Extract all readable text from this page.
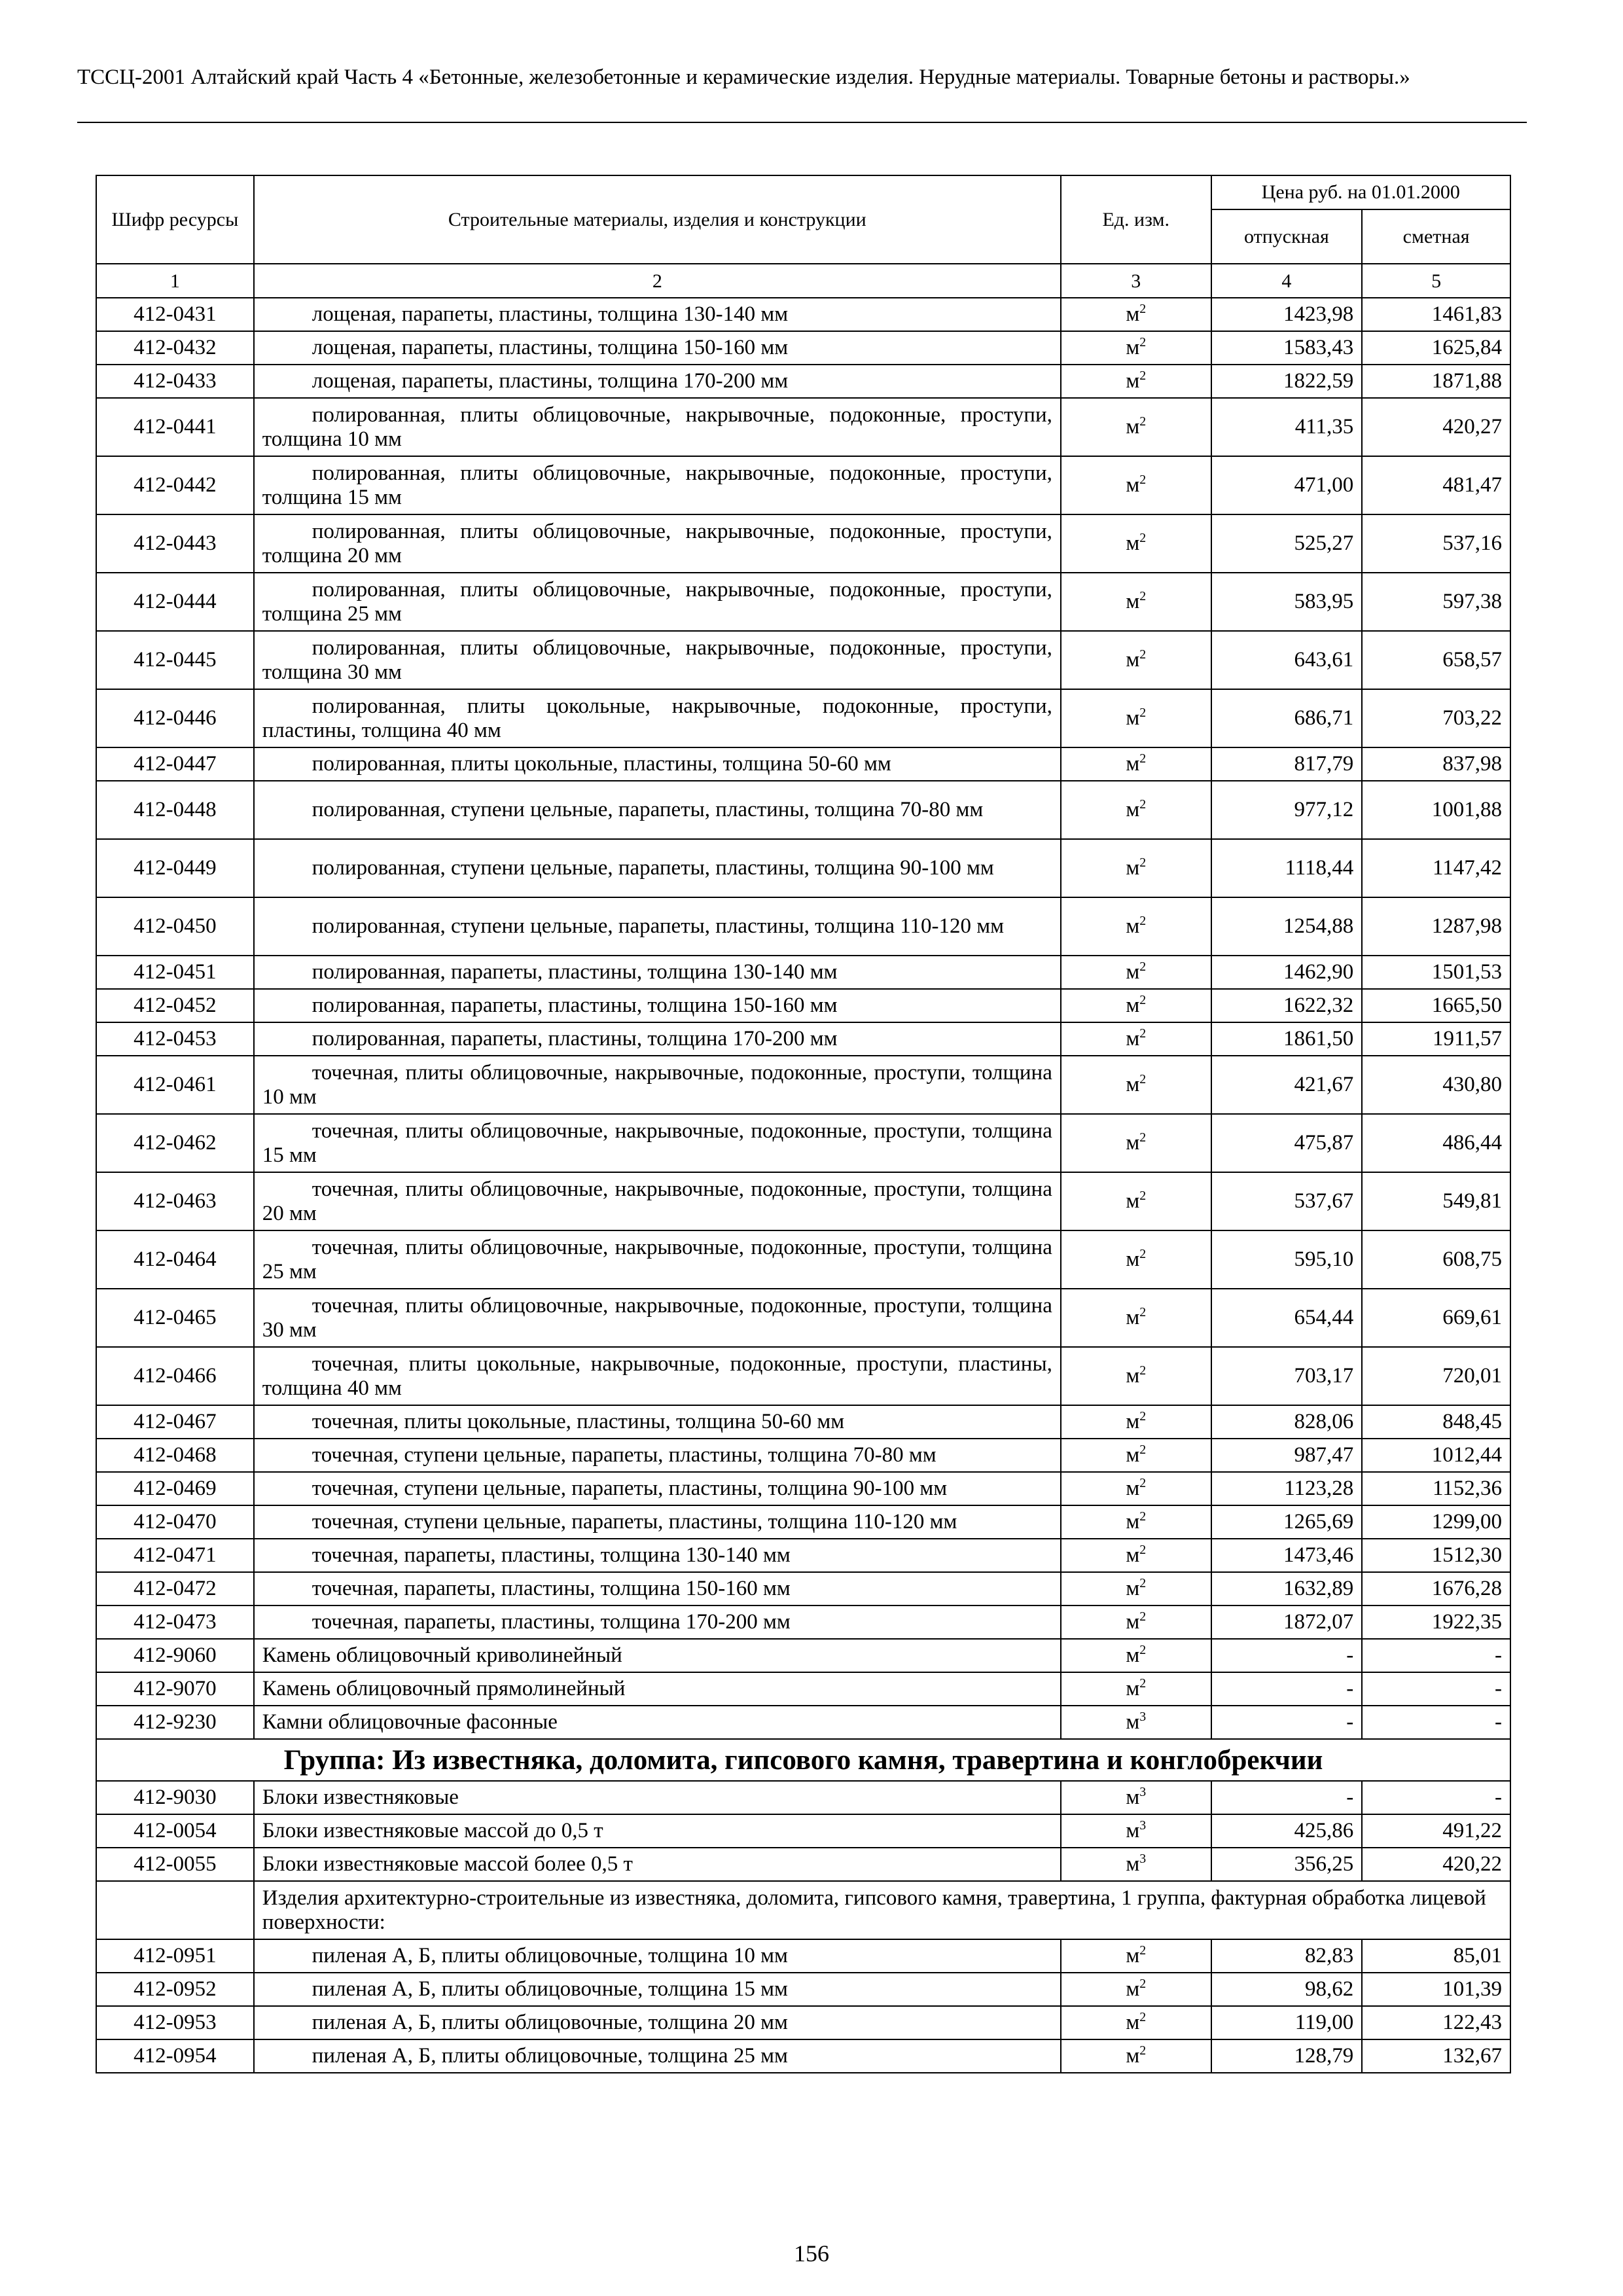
ТССЦ-2001 Алтайский край Часть 4 «Бетонные, железобетонные и керамические изделия. Нерудные материалы. Товарные бетоны и растворы.»
Шифр ресурсы	Строительные материалы, изделия и конструкции	Ед. изм.	Цена руб. на 01.01.2000	
			отпускная	сметная
1	2	3	4	5
412-0431	лощеная, парапеты, пластины, толщина 130-140 мм	$м^2$	1423,98	1461,83
412-0432	лощеная, парапеты, пластины, толщина 150-160 мм	$м^2$	1583,43	1625,84
412-0433	лощеная, парапеты, пластины, толщина 170-200 мм	$м^2$	1822,59	1871,88
412-0441	полированная, плиты облицовочные, накрывочные, подоконные, проступи, толщина 10 мм	$м^2$	411,35	420,27
412-0442	полированная, плиты облицовочные, накрывочные, подоконные, проступи, толщина 15 мм	$м^2$	471,00	481,47
412-0443	полированная, плиты облицовочные, накрывочные, подоконные, проступи, толщина 20 мм	$м^2$	525,27	537,16
412-0444	полированная, плиты облицовочные, накрывочные, подоконные, проступи, толщина 25 мм	$м^2$	583,95	597,38
412-0445	полированная, плиты облицовочные, накрывочные, подоконные, проступи, толщина 30 мм	$м^2$	643,61	658,57
412-0446	полированная, плиты цокольные, накрывочные, подоконные, проступи, пластины, толщина 40 мм	$м^2$	686,71	703,22
412-0447	полированная, плиты цокольные, пластины, толщина 50-60 мм	$м^2$	817,79	837,98
412-0448	полированная, ступени цельные, парапеты, пластины, толщина 70-80 мм	$м^2$	977,12	1001,88
412-0449	полированная, ступени цельные, парапеты, пластины, толщина 90-100 мм	$м^2$	1118,44	1147,42
412-0450	полированная, ступени цельные, парапеты, пластины, толщина 110-120 мм	$м^2$	1254,88	1287,98
412-0451	полированная, парапеты, пластины, толщина 130-140 мм	$м^2$	1462,90	1501,53
412-0452	полированная, парапеты, пластины, толщина 150-160 мм	$м^2$	1622,32	1665,50
412-0453	полированная, парапеты, пластины, толщина 170-200 мм	$м^2$	1861,50	1911,57
412-0461	точечная, плиты облицовочные, накрывочные, подоконные, проступи, толщина 10 мм	$м^2$	421,67	430,80
412-0462	точечная, плиты облицовочные, накрывочные, подоконные, проступи, толщина 15 мм	$м^2$	475,87	486,44
412-0463	точечная, плиты облицовочные, накрывочные, подоконные, проступи, толщина 20 мм	$м^2$	537,67	549,81
412-0464	точечная, плиты облицовочные, накрывочные, подоконные, проступи, толщина 25 мм	$м^2$	595,10	608,75
412-0465	точечная, плиты облицовочные, накрывочные, подоконные, проступи, толщина 30 мм	$м^2$	654,44	669,61
412-0466	точечная, плиты цокольные, накрывочные, подоконные, проступи, пластины, толщина 40 мм	$м^2$	703,17	720,01
412-0467	точечная, плиты цокольные, пластины, толщина 50-60 мм	$м^2$	828,06	848,45
412-0468	точечная, ступени цельные, парапеты, пластины, толщина 70-80 мм	$м^2$	987,47	1012,44
412-0469	точечная, ступени цельные, парапеты, пластины, толщина 90-100 мм	$м^2$	1123,28	1152,36
412-0470	точечная, ступени цельные, парапеты, пластины, толщина 110-120 мм	$м^2$	1265,69	1299,00
412-0471	точечная, парапеты, пластины, толщина 130-140 мм	$м^2$	1473,46	1512,30
412-0472	точечная, парапеты, пластины, толщина 150-160 мм	$м^2$	1632,89	1676,28
412-0473	точечная, парапеты, пластины, толщина 170-200 мм	$м^2$	1872,07	1922,35
412-9060	Камень облицовочный криволинейный	$м^2$	-	-
412-9070	Камень облицовочный прямолинейный	$м^2$	-	-
412-9230	Камни облицовочные фасонные	$м^3$	-	-
Группа: Из известняка, доломита, гипсового камня, травертина и конглобрекчии				
412-9030	Блоки известняковые	$м^3$	-	-
412-0054	Блоки известняковые массой до 0,5 т	$м^3$	425,86	491,22
412-0055	Блоки известняковые массой более 0,5 т	$м^3$	356,25	420,22
	Изделия архитектурно-строительные из известняка, доломита, гипсового камня, травертина, 1 группа, фактурная обработка лицевой поверхности:			
412-0951	пиленая А, Б, плиты облицовочные, толщина 10 мм	$м^2$	82,83	85,01
412-0952	пиленая А, Б, плиты облицовочные, толщина 15 мм	$м^2$	98,62	101,39
412-0953	пиленая А, Б, плиты облицовочные, толщина 20 мм	$м^2$	119,00	122,43
412-0954	пиленая А, Б, плиты облицовочные, толщина 25 мм	$м^2$	128,79	132,67
156
